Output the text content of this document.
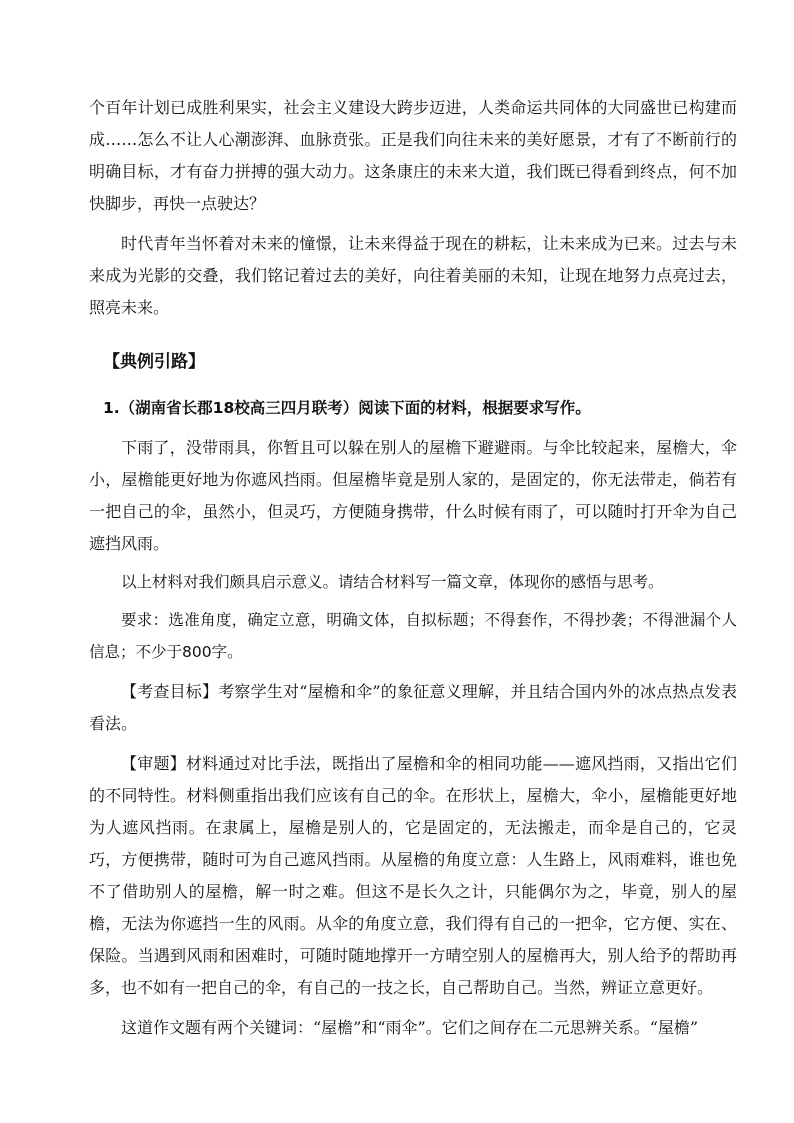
个百年计划已成胜利果实，社会主义建设大跨步迈进，人类命运共同体的大同盛世已构建而成……怎么不让人心潮澎湃、血脉贲张。正是我们向往未来的美好愿景，才有了不断前行的明确目标，才有奋力拼搏的强大动力。这条康庄的未来大道，我们既已得看到终点，何不加快脚步，再快一点驶达？

时代青年当怀着对未来的憧憬，让未来得益于现在的耕耘，让未来成为已来。过去与未来成为光影的交叠，我们铭记着过去的美好，向往着美丽的未知，让现在地努力点亮过去，照亮未来。

【典例引路】

1.（湖南省长郡18校高三四月联考）阅读下面的材料，根据要求写作。

下雨了，没带雨具，你暂且可以躲在别人的屋檐下避避雨。与伞比较起来，屋檐大，伞小，屋檐能更好地为你遮风挡雨。但屋檐毕竟是别人家的，是固定的，你无法带走，倘若有一把自己的伞，虽然小，但灵巧，方便随身携带，什么时候有雨了，可以随时打开伞为自己遮挡风雨。

以上材料对我们颇具启示意义。请结合材料写一篇文章，体现你的感悟与思考。

要求：选准角度，确定立意，明确文体，自拟标题；不得套作，不得抄袭；不得泄漏个人信息；不少于800字。

【考查目标】考察学生对“屋檐和伞”的象征意义理解，并且结合国内外的冰点热点发表看法。

【审题】材料通过对比手法，既指出了屋檐和伞的相同功能——遮风挡雨，又指出它们的不同特性。材料侧重指出我们应该有自己的伞。在形状上，屋檐大，伞小，屋檐能更好地为人遮风挡雨。在隶属上，屋檐是别人的，它是固定的，无法搬走，而伞是自己的，它灵巧，方便携带，随时可为自己遮风挡雨。从屋檐的角度立意：人生路上，风雨难料，谁也免不了借助别人的屋檐，解一时之难。但这不是长久之计，只能偶尔为之，毕竟，别人的屋檐，无法为你遮挡一生的风雨。从伞的角度立意，我们得有自己的一把伞，它方便、实在、保险。当遇到风雨和困难时，可随时随地撑开一方晴空别人的屋檐再大，别人给予的帮助再多，也不如有一把自己的伞，有自己的一技之长，自己帮助自己。当然，辨证立意更好。

这道作文题有两个关键词：“屋檐”和“雨伞”。它们之间存在二元思辨关系。“屋檐”
